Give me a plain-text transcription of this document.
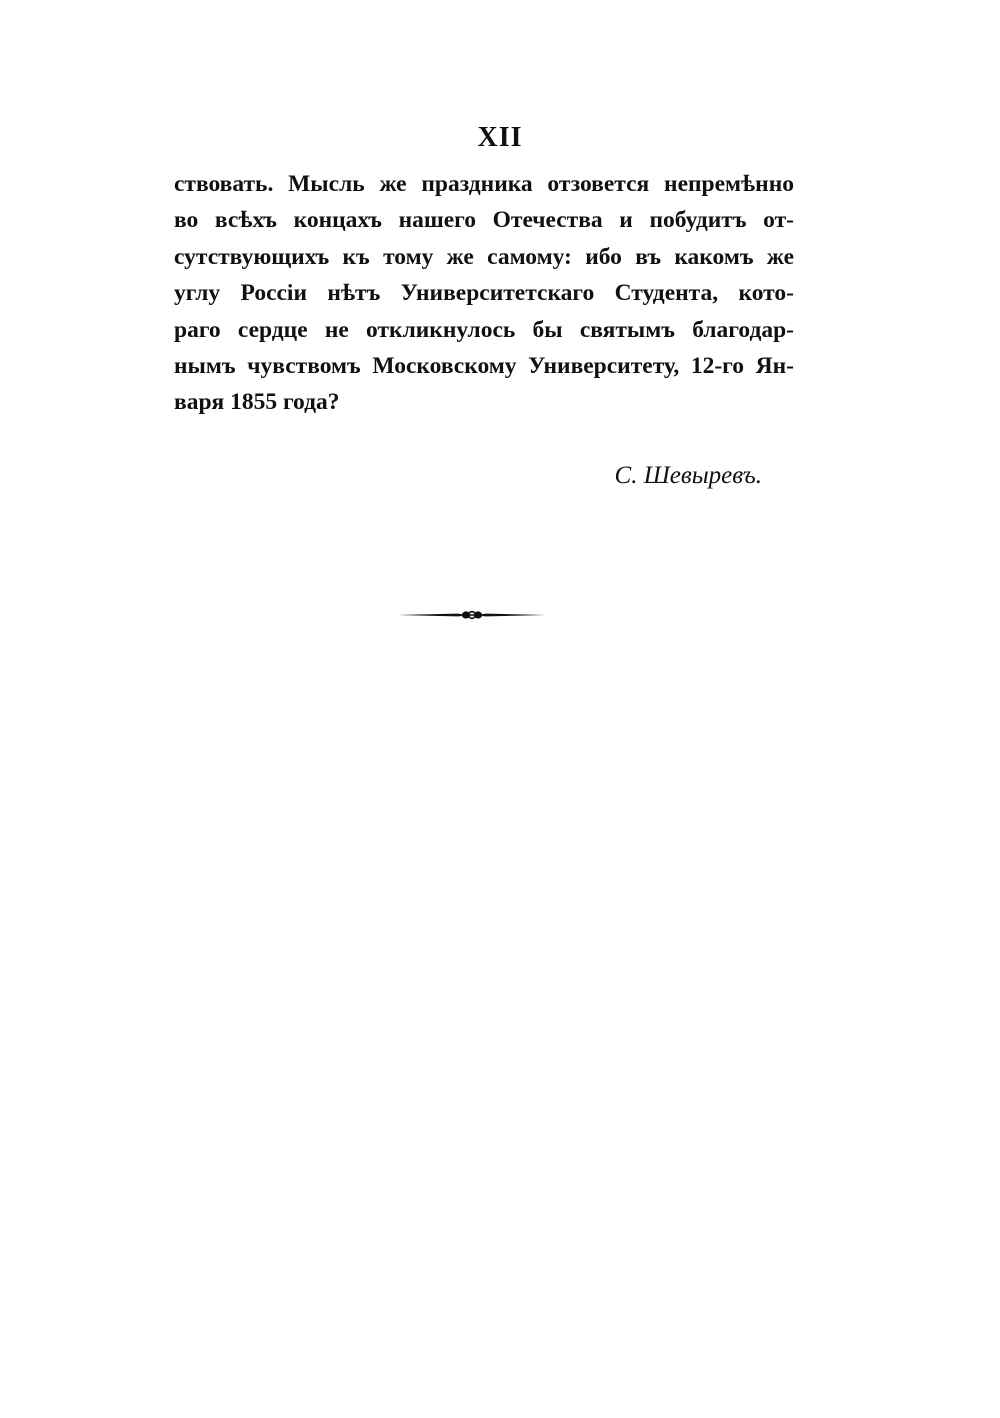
XII
ствовать. Мысль же праздника отзовется непремѣнно
во всѣхъ концахъ нашего Отечества и побудитъ от-
сутствующихъ къ тому же самому: ибо въ какомъ же
углу Россіи нѣтъ Университетскаго Студента, кото-
раго сердце не откликнулось бы святымъ благодар-
нымъ чувствомъ Московскому Университету, 12-го Ян-
варя 1855 года?
С. Шевыревъ.
